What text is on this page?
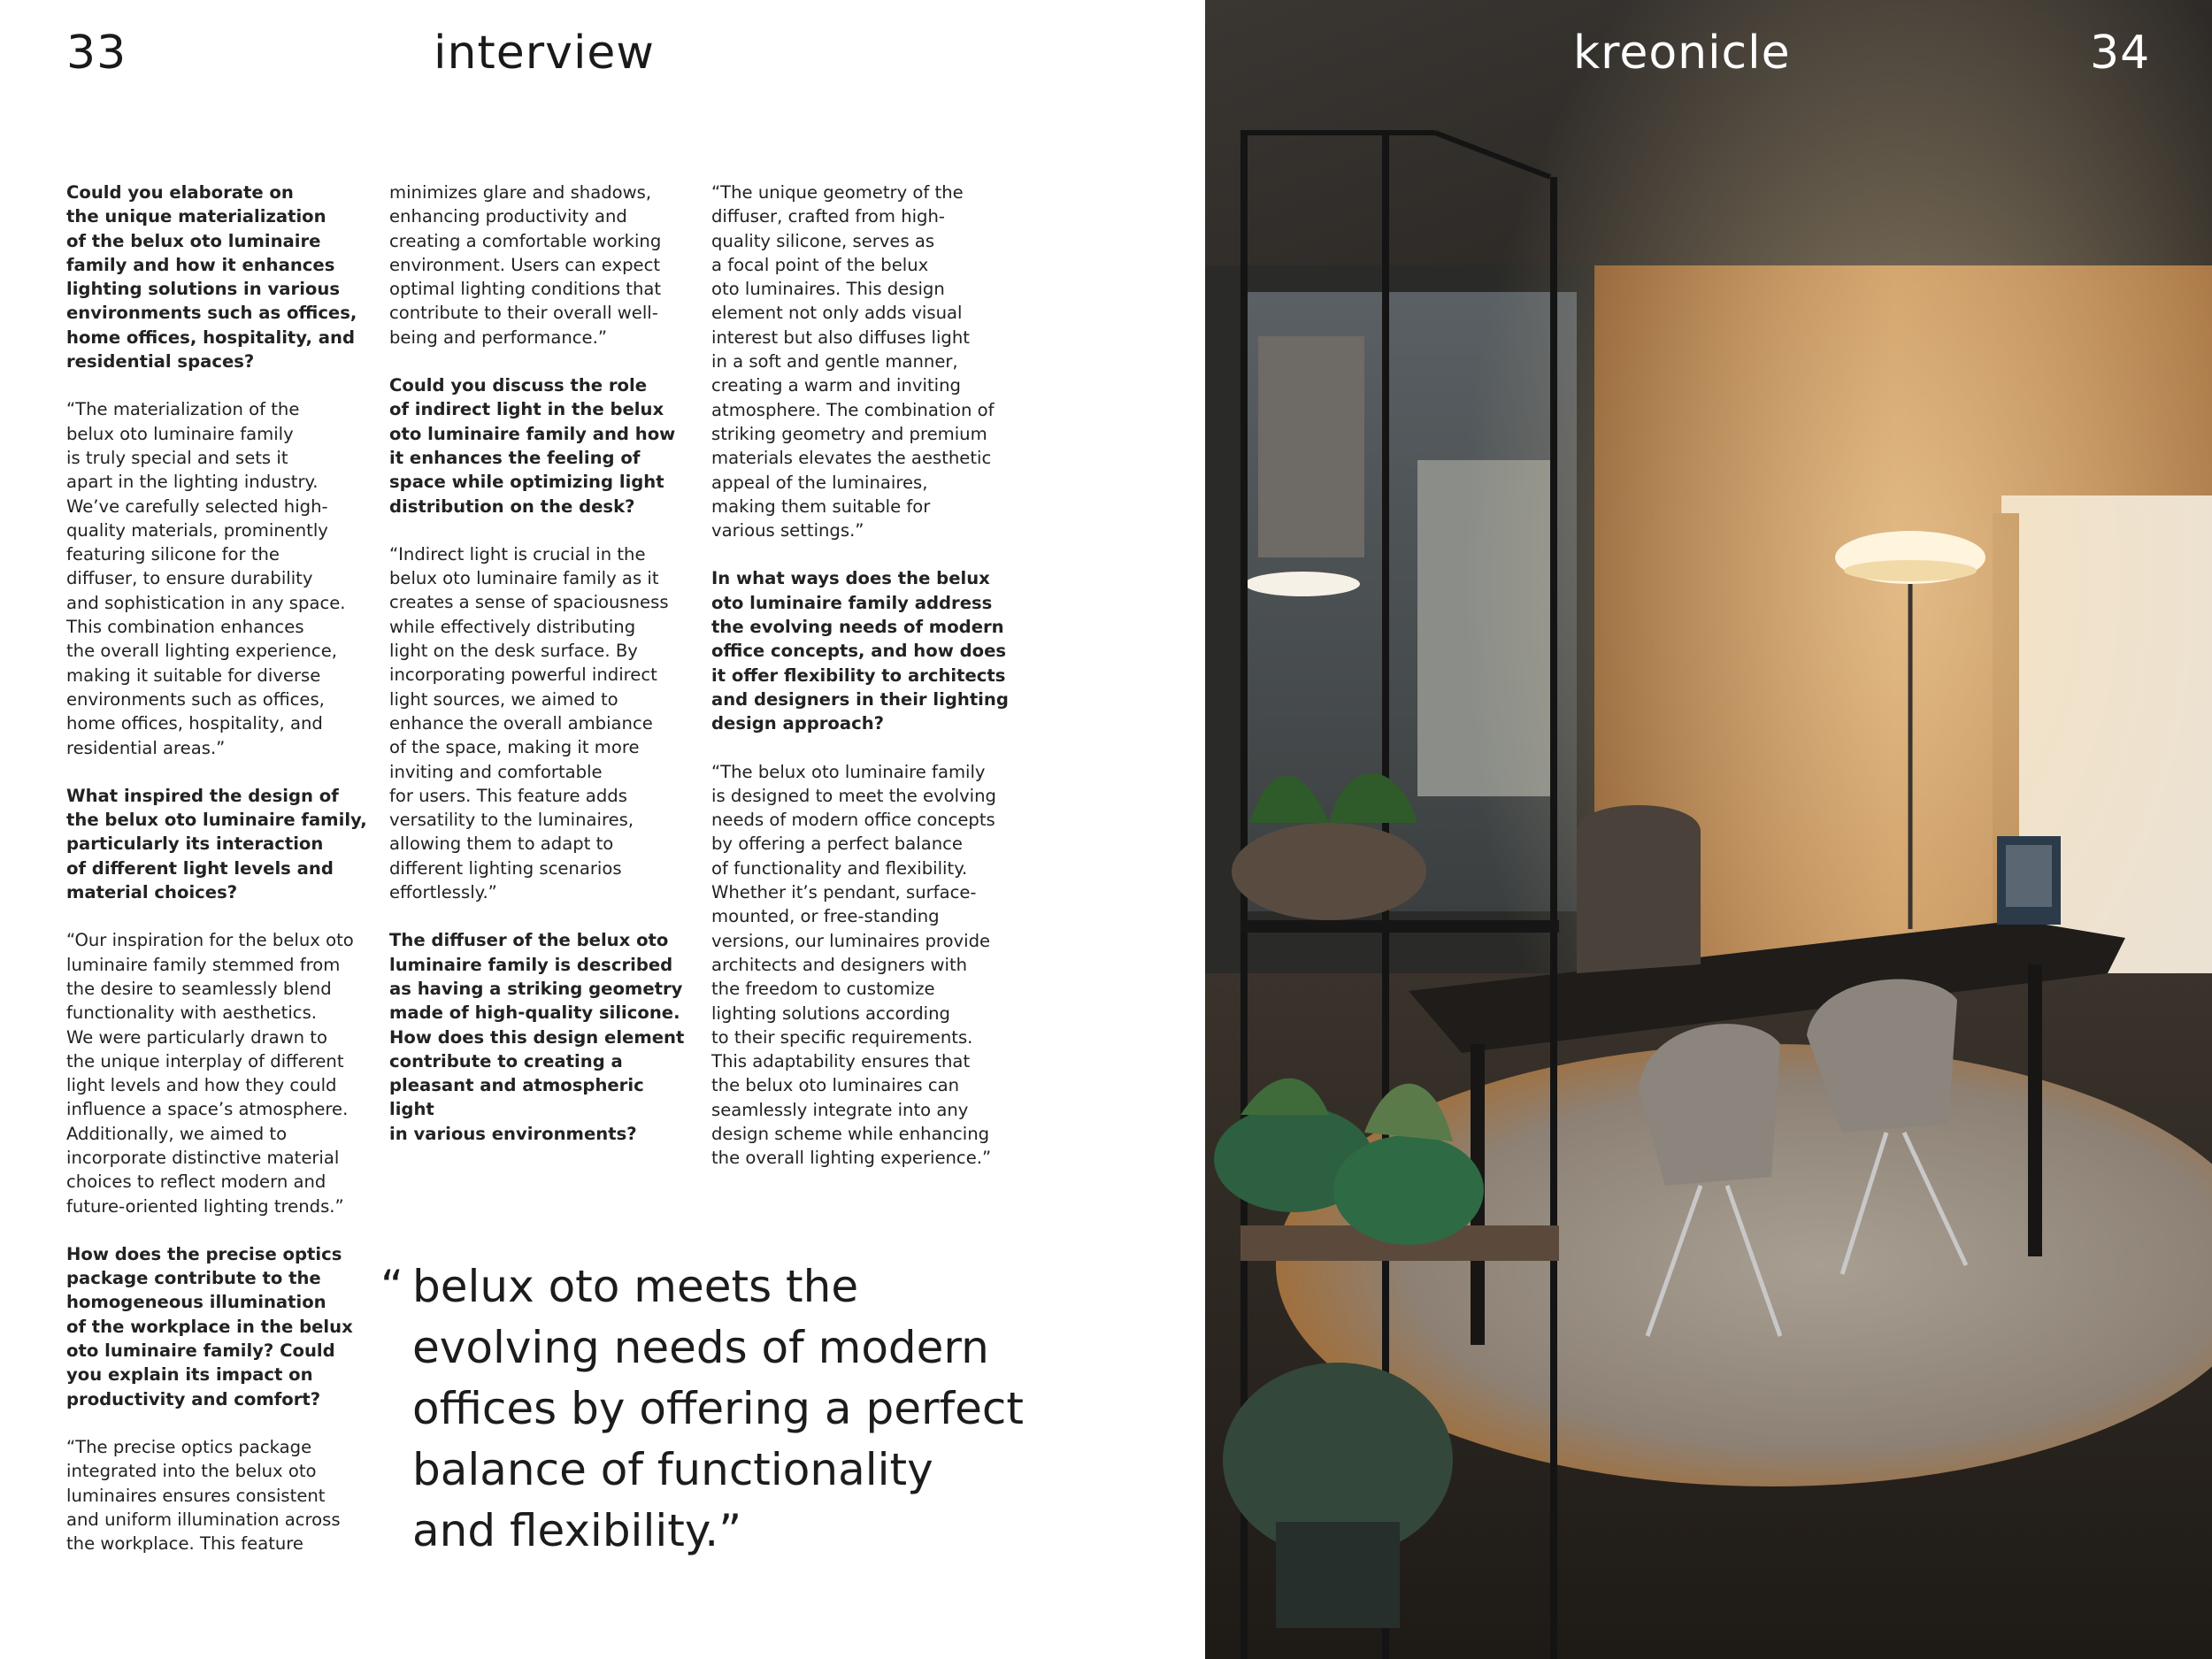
33	interview

Could you elaborate on
the unique materialization
of the belux oto luminaire
family and how it enhances
lighting solutions in various
environments such as offices,
home offices, hospitality, and
residential spaces?

“The materialization of the
belux oto luminaire family
is truly special and sets it
apart in the lighting industry.
We’ve carefully selected high-
quality materials, prominently
featuring silicone for the
diffuser, to ensure durability
and sophistication in any space.
This combination enhances
the overall lighting experience,
making it suitable for diverse
environments such as offices,
home offices, hospitality, and
residential areas.”

What inspired the design of
the belux oto luminaire family,
particularly its interaction
of different light levels and
material choices?

“Our inspiration for the belux oto
luminaire family stemmed from
the desire to seamlessly blend
functionality with aesthetics.
We were particularly drawn to
the unique interplay of different
light levels and how they could
influence a space’s atmosphere.
Additionally, we aimed to
incorporate distinctive material
choices to reflect modern and
future-oriented lighting trends.”

How does the precise optics
package contribute to the
homogeneous illumination
of the workplace in the belux
oto luminaire family? Could
you explain its impact on
productivity and comfort?

“The precise optics package
integrated into the belux oto
luminaires ensures consistent
and uniform illumination across
the workplace. This feature

minimizes glare and shadows,
enhancing productivity and
creating a comfortable working
environment. Users can expect
optimal lighting conditions that
contribute to their overall well-
being and performance.”

Could you discuss the role
of indirect light in the belux
oto luminaire family and how
it enhances the feeling of
space while optimizing light
distribution on the desk?

“Indirect light is crucial in the
belux oto luminaire family as it
creates a sense of spaciousness
while effectively distributing
light on the desk surface. By
incorporating powerful indirect
light sources, we aimed to
enhance the overall ambiance
of the space, making it more
inviting and comfortable
for users. This feature adds
versatility to the luminaires,
allowing them to adapt to
different lighting scenarios
effortlessly.”

The diffuser of the belux oto
luminaire family is described
as having a striking geometry
made of high-quality silicone.
How does this design element
contribute to creating a
pleasant and atmospheric light
in various environments?

“The unique geometry of the
diffuser, crafted from high-
quality silicone, serves as
a focal point of the belux
oto luminaires. This design
element not only adds visual
interest but also diffuses light
in a soft and gentle manner,
creating a warm and inviting
atmosphere. The combination of
striking geometry and premium
materials elevates the aesthetic
appeal of the luminaires,
making them suitable for
various settings.”

In what ways does the belux
oto luminaire family address
the evolving needs of modern
office concepts, and how does
it offer flexibility to architects
and designers in their lighting
design approach?

“The belux oto luminaire family
is designed to meet the evolving
needs of modern office concepts
by offering a perfect balance
of functionality and flexibility.
Whether it’s pendant, surface-
mounted, or free-standing
versions, our luminaires provide
architects and designers with
the freedom to customize
lighting solutions according
to their specific requirements.
This adaptability ensures that
the belux oto luminaires can
seamlessly integrate into any
design scheme while enhancing
the overall lighting experience.”

“ belux oto meets the
evolving needs of modern
offices by offering a perfect
balance of functionality
and flexibility.”
kreonicle	34
